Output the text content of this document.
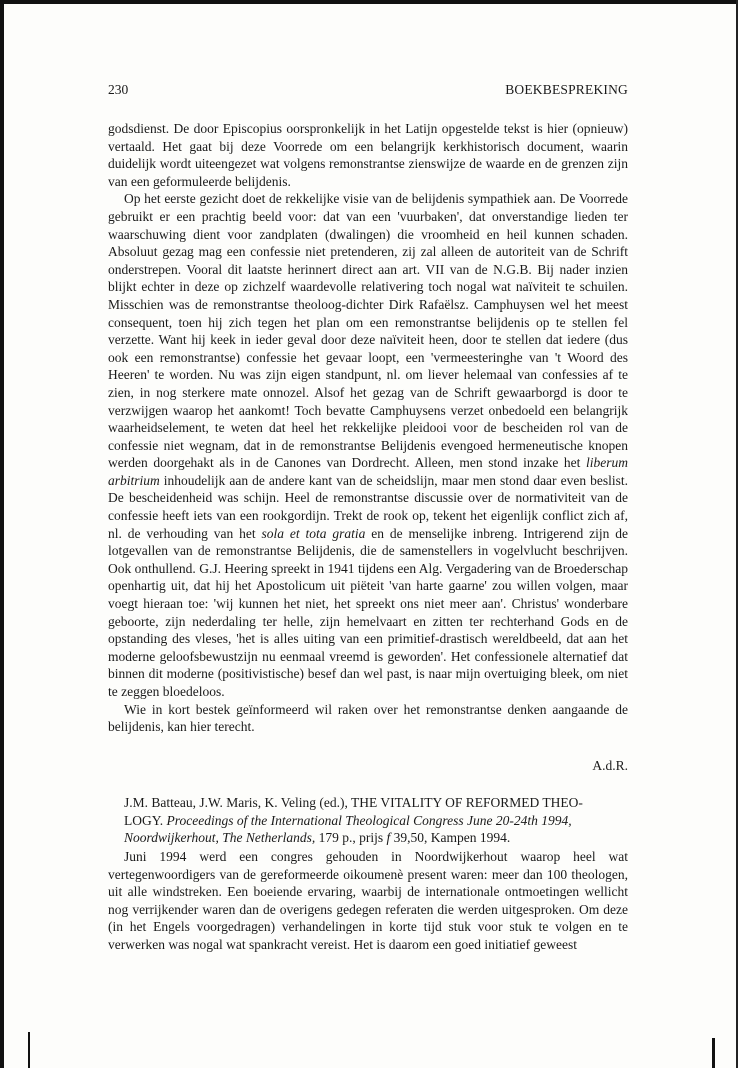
230	BOEKBESPREKING

godsdienst. De door Episcopius oorspronkelijk in het Latijn opgestelde tekst is hier (opnieuw) vertaald. Het gaat bij deze Voorrede om een belangrijk kerkhistorisch document, waarin duidelijk wordt uiteengezet wat volgens remonstrantse zienswijze de waarde en de grenzen zijn van een geformuleerde belijdenis.

Op het eerste gezicht doet de rekkelijke visie van de belijdenis sympathiek aan. De Voorrede gebruikt er een prachtig beeld voor: dat van een 'vuurbaken', dat onverstandige lieden ter waarschuwing dient voor zandplaten (dwalingen) die vroomheid en heil kunnen schaden. Absoluut gezag mag een confessie niet pretenderen, zij zal alleen de autoriteit van de Schrift onderstrepen. Vooral dit laatste herinnert direct aan art. VII van de N.G.B. Bij nader inzien blijkt echter in deze op zichzelf waardevolle relativering toch nogal wat naïviteit te schuilen. Misschien was de remonstrantse theoloog-dichter Dirk Rafaëlsz. Camphuysen wel het meest consequent, toen hij zich tegen het plan om een remonstrantse belijdenis op te stellen fel verzette. Want hij keek in ieder geval door deze naïviteit heen, door te stellen dat iedere (dus ook een remonstrantse) confessie het gevaar loopt, een 'vermeesteringhe van 't Woord des Heeren' te worden. Nu was zijn eigen standpunt, nl. om liever helemaal van confessies af te zien, in nog sterkere mate onnozel. Alsof het gezag van de Schrift gewaarborgd is door te verzwijgen waarop het aankomt! Toch bevatte Camphuysens verzet onbedoeld een belangrijk waarheidselement, te weten dat heel het rekkelijke pleidooi voor de bescheiden rol van de confessie niet wegnam, dat in de remonstrantse Belijdenis evengoed hermeneutische knopen werden doorgehakt als in de Canones van Dordrecht. Alleen, men stond inzake het liberum arbitrium inhoudelijk aan de andere kant van de scheidslijn, maar men stond daar even beslist. De bescheidenheid was schijn. Heel de remonstrantse discussie over de normativiteit van de confessie heeft iets van een rookgordijn. Trekt de rook op, tekent het eigenlijk conflict zich af, nl. de verhouding van het sola et tota gratia en de menselijke inbreng. Intrigerend zijn de lotgevallen van de remonstrantse Belijdenis, die de samenstellers in vogelvlucht beschrijven. Ook onthullend. G.J. Heering spreekt in 1941 tijdens een Alg. Vergadering van de Broederschap openhartig uit, dat hij het Apostolicum uit piëteit 'van harte gaarne' zou willen volgen, maar voegt hieraan toe: 'wij kunnen het niet, het spreekt ons niet meer aan'. Christus' wonderbare geboorte, zijn nederdaling ter helle, zijn hemelvaart en zitten ter rechterhand Gods en de opstanding des vleses, 'het is alles uiting van een primitief-drastisch wereldbeeld, dat aan het moderne geloofsbewustzijn nu eenmaal vreemd is geworden'. Het confessionele alternatief dat binnen dit moderne (positivistische) besef dan wel past, is naar mijn overtuiging bleek, om niet te zeggen bloedeloos.

Wie in kort bestek geïnformeerd wil raken over het remonstrantse denken aangaande de belijdenis, kan hier terecht.

A.d.R.
J.M. Batteau, J.W. Maris, K. Veling (ed.), THE VITALITY OF REFORMED THEO-
LOGY. Proceedings of the International Theological Congress June 20-24th 1994,
Noordwijkerhout, The Netherlands, 179 p., prijs f 39,50, Kampen 1994.

Juni 1994 werd een congres gehouden in Noordwijkerhout waarop heel wat vertegenwoordigers van de gereformeerde oikoumenè present waren: meer dan 100 theologen, uit alle windstreken. Een boeiende ervaring, waarbij de internationale ontmoetingen wellicht nog verrijkender waren dan de overigens gedegen referaten die werden uitgesproken. Om deze (in het Engels voorgedragen) verhandelingen in korte tijd stuk voor stuk te volgen en te verwerken was nogal wat spankracht vereist. Het is daarom een goed initiatief geweest
